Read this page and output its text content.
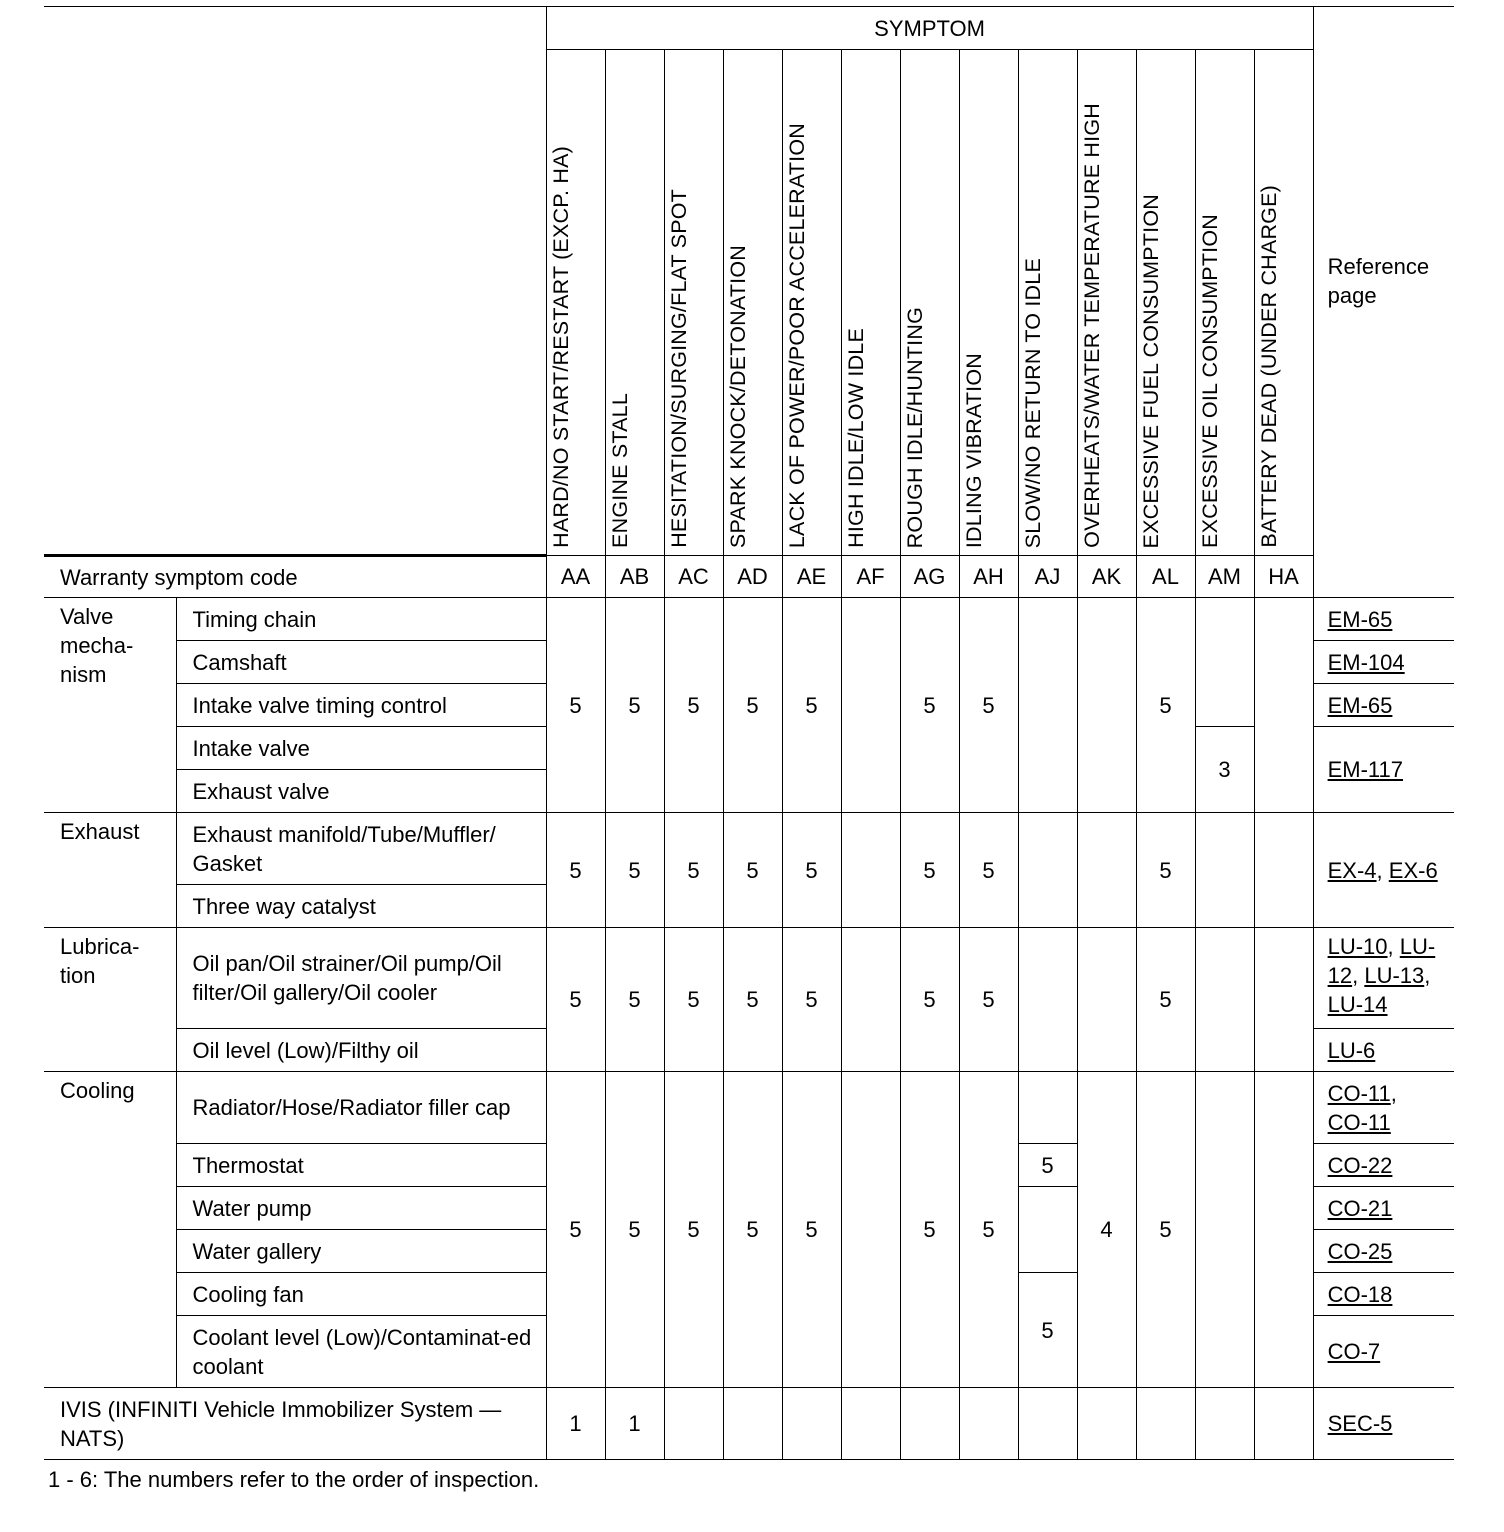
		SYMPTOM													Reference page
		HARD/NO START/RESTART (EXCP. HA)	ENGINE STALL	HESITATION/SURGING/FLAT SPOT	SPARK KNOCK/DETONATION	LACK OF POWER/POOR ACCELERATION	HIGH IDLE/LOW IDLE	ROUGH IDLE/HUNTING	IDLING VIBRATION	SLOW/NO RETURN TO IDLE	OVERHEATS/WATER TEMPERATURE HIGH	EXCESSIVE FUEL CONSUMPTION	EXCESSIVE OIL CONSUMPTION	BATTERY DEAD (UNDER CHARGE)	
Warranty symptom code		AA	AB	AC	AD	AE	AF	AG	AH	AJ	AK	AL	AM	HA	

Valve mecha-nism	Timing chain	5	5	5	5	5		5	5			5			EM-65
	Camshaft														EM-104
	Intake valve timing control														EM-65
	Intake valve												3		EM-117
	Exhaust valve														
Exhaust	Exhaust manifold/Tube/Muffler/ Gasket	5	5	5	5	5		5	5			5			EX-4, EX-6
	Three way catalyst														

Lubrica-tion	Oil pan/Oil strainer/Oil pump/Oil filter/Oil gallery/Oil cooler	5	5	5	5	5		5	5			5			LU-10, LU-12, LU-13, LU-14
	Oil level (Low)/Filthy oil														LU-6
Cooling	Radiator/Hose/Radiator filler cap	5	5	5	5	5		5	5		4	5			CO-11,
CO-11
	Thermostat									5					CO-22
	Water pump														CO-21
	Water gallery														CO-25
	Cooling fan									5					CO-18

	Coolant level (Low)/Contaminat-ed coolant														CO-7

IVIS (INFINITI Vehicle Immobilizer System — NATS)		1	1												SEC-5
1 - 6: The numbers refer to the order of inspection.
